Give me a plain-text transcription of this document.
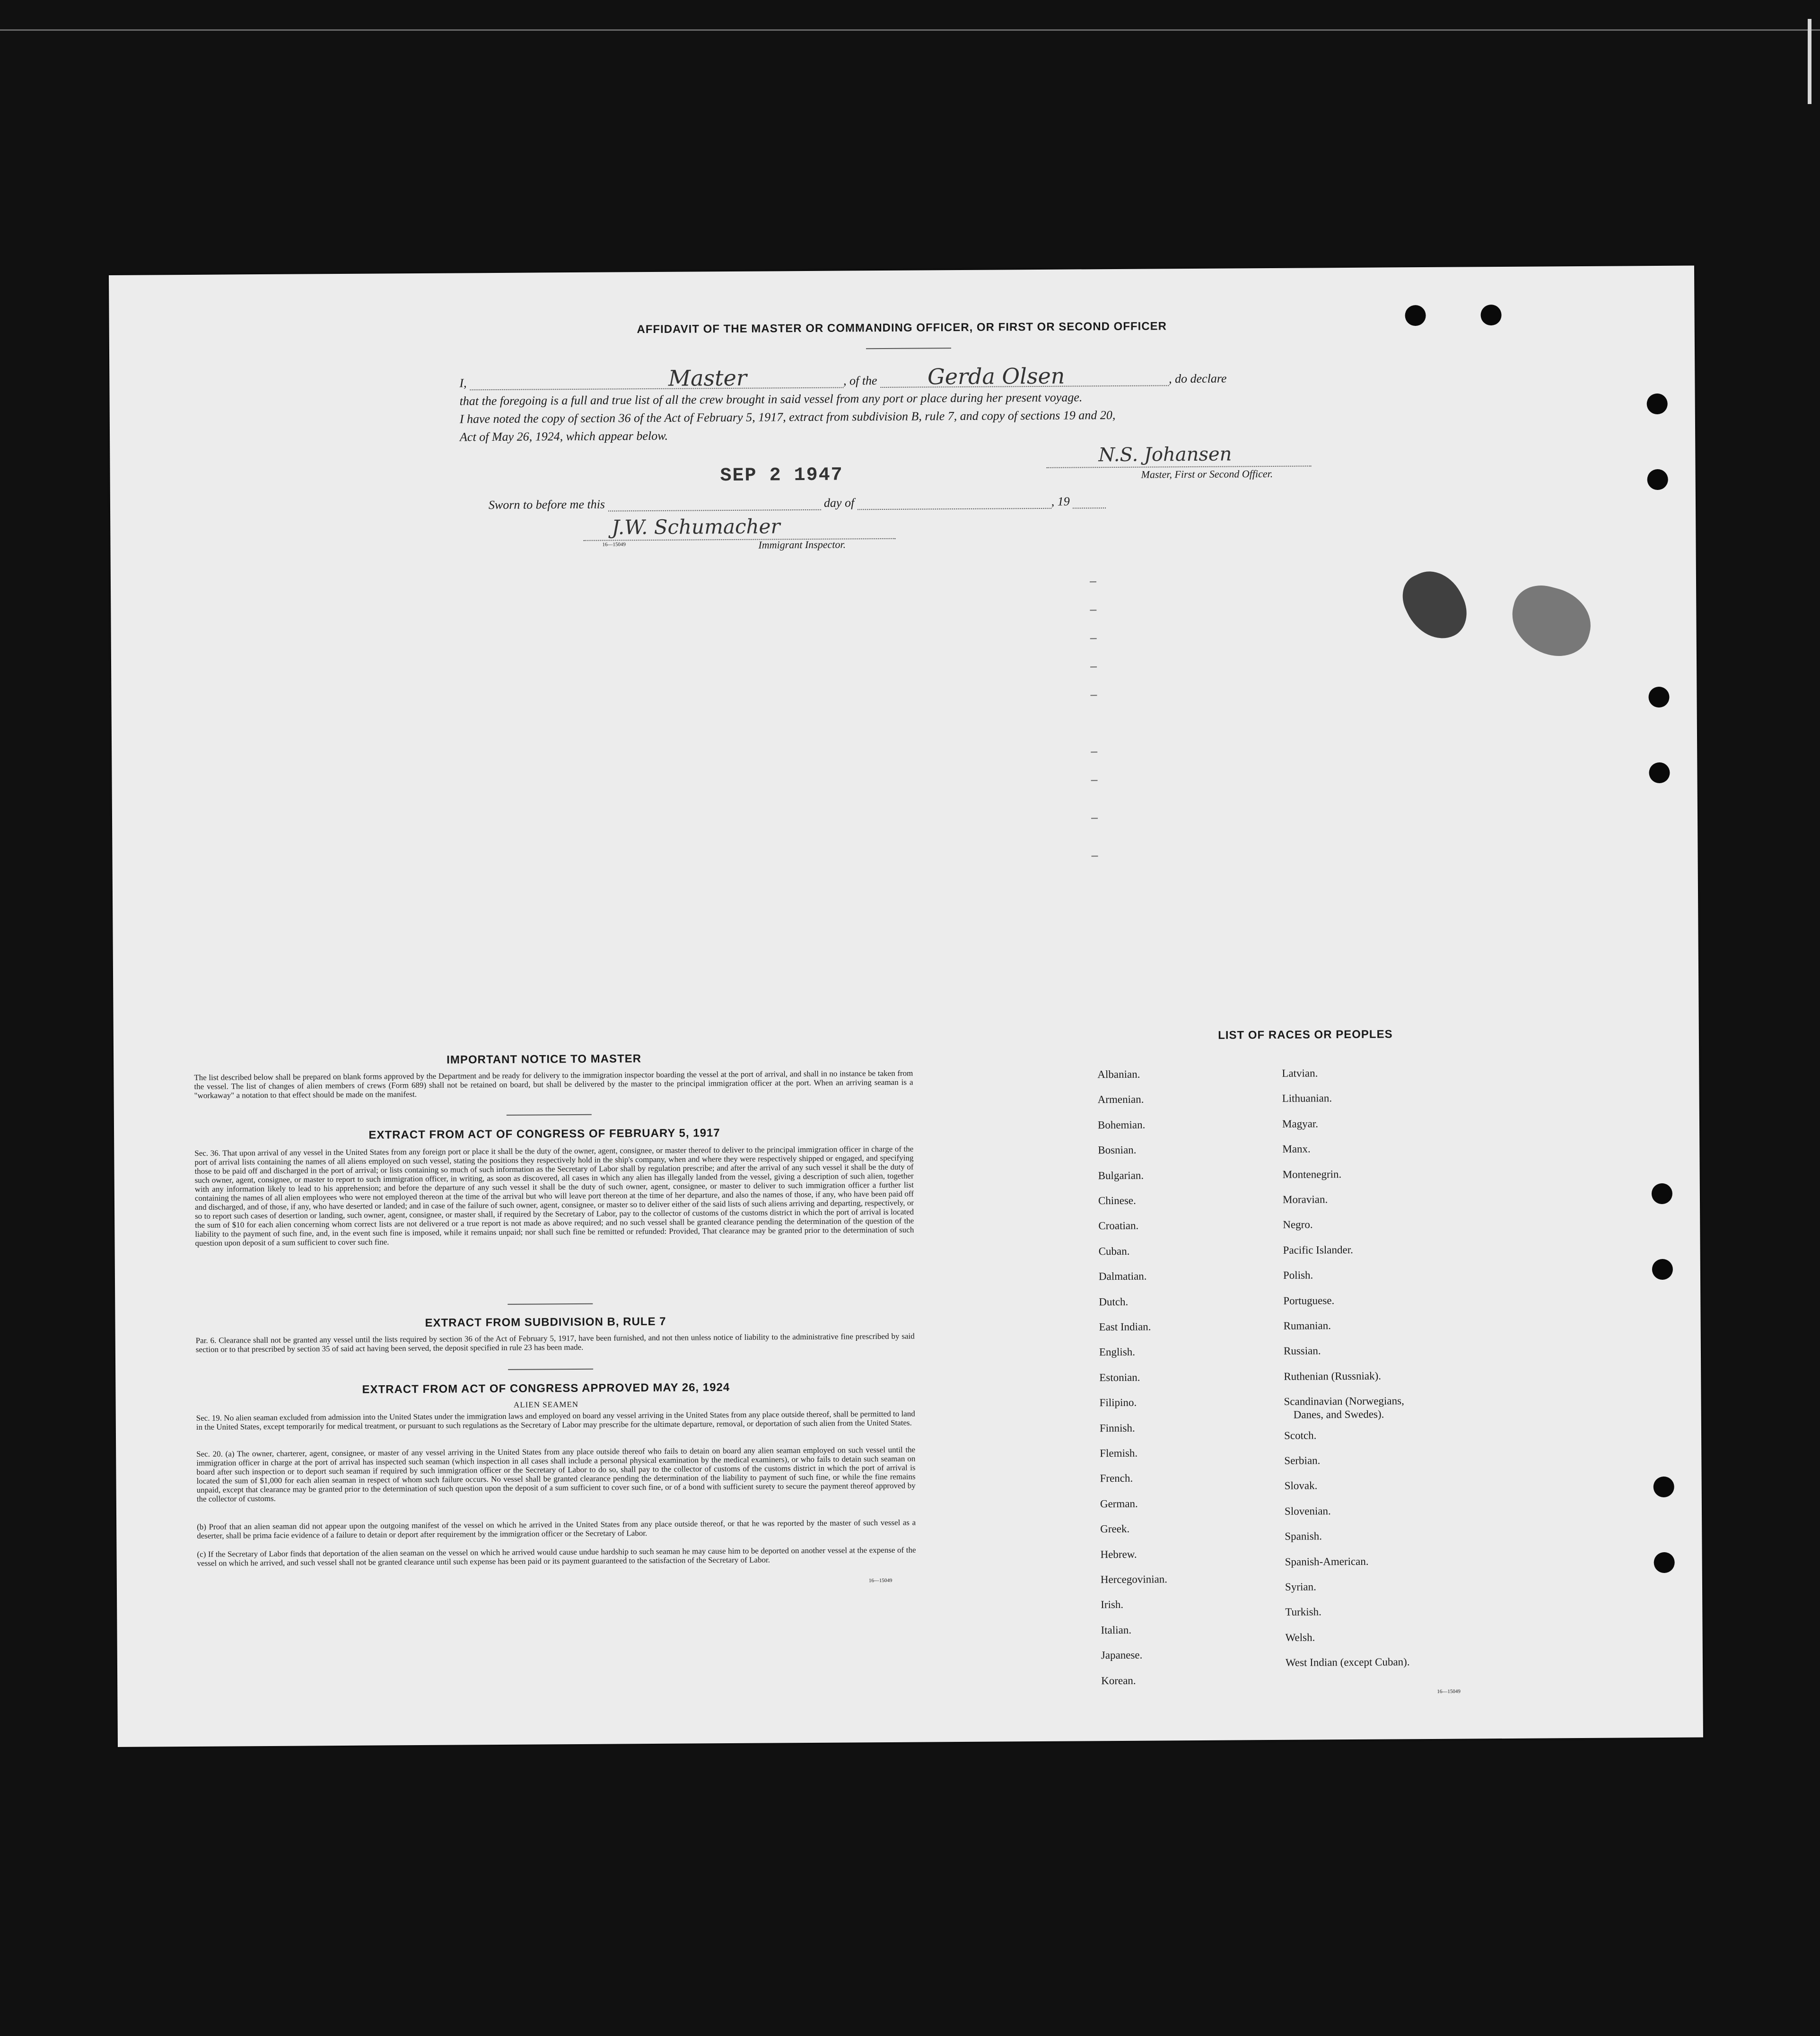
AFFIDAVIT OF THE MASTER OR COMMANDING OFFICER, OR FIRST OR SECOND OFFICER
I,	Master	, of the Gerda Olsen	, do declare
that the foregoing is a full and true list of all the crew brought in said vessel from any port or place during her present voyage.
I have noted the copy of section 36 of the Act of February 5, 1917, extract from subdivision B, rule 7, and copy of sections 19 and 20,
Act of May 26, 1924, which appear below.
SEP 2 1947
N.S. Johansen
Master, First or Second Officer.
Sworn to before me this	day of	, 19
J.W. Schumacher
16—15049	Immigrant Inspector.
IMPORTANT NOTICE TO MASTER
The list described below shall be prepared on blank forms approved by the Department and be ready for delivery to the immigration inspector boarding the vessel at the port of arrival, and shall in no instance be taken from the vessel. The list of changes of alien members of crews (Form 689) shall not be retained on board, but shall be delivered by the master to the principal immigration officer at the port. When an arriving seaman is a "workaway" a notation to that effect should be made on the manifest.
EXTRACT FROM ACT OF CONGRESS OF FEBRUARY 5, 1917
Sec. 36. That upon arrival of any vessel in the United States from any foreign port or place it shall be the duty of the owner, agent, consignee, or master thereof to deliver to the principal immigration officer in charge of the port of arrival lists containing the names of all aliens employed on such vessel, stating the positions they respectively hold in the ship's company, when and where they were respectively shipped or engaged, and specifying those to be paid off and discharged in the port of arrival; or lists containing so much of such information as the Secretary of Labor shall by regulation prescribe; and after the arrival of any such vessel it shall be the duty of such owner, agent, consignee, or master to report to such immigration officer, in writing, as soon as discovered, all cases in which any alien has illegally landed from the vessel, giving a description of such alien, together with any information likely to lead to his apprehension; and before the departure of any such vessel it shall be the duty of such owner, agent, consignee, or master to deliver to such immigration officer a further list containing the names of all alien employees who were not employed thereon at the time of the arrival but who will leave port thereon at the time of her departure, and also the names of those, if any, who have been paid off and discharged, and of those, if any, who have deserted or landed; and in case of the failure of such owner, agent, consignee, or master so to deliver either of the said lists of such aliens arriving and departing, respectively, or so to report such cases of desertion or landing, such owner, agent, consignee, or master shall, if required by the Secretary of Labor, pay to the collector of customs of the customs district in which the port of arrival is located the sum of $10 for each alien concerning whom correct lists are not delivered or a true report is not made as above required; and no such vessel shall be granted clearance pending the determination of the question of the liability to the payment of such fine, and, in the event such fine is imposed, while it remains unpaid; nor shall such fine be remitted or refunded: Provided, That clearance may be granted prior to the determination of such question upon deposit of a sum sufficient to cover such fine.
EXTRACT FROM SUBDIVISION B, RULE 7
Par. 6. Clearance shall not be granted any vessel until the lists required by section 36 of the Act of February 5, 1917, have been furnished, and not then unless notice of liability to the administrative fine prescribed by said section or to that prescribed by section 35 of said act having been served, the deposit specified in rule 23 has been made.
EXTRACT FROM ACT OF CONGRESS APPROVED MAY 26, 1924
ALIEN SEAMEN
Sec. 19. No alien seaman excluded from admission into the United States under the immigration laws and employed on board any vessel arriving in the United States from any place outside thereof, shall be permitted to land in the United States, except temporarily for medical treatment, or pursuant to such regulations as the Secretary of Labor may prescribe for the ultimate departure, removal, or deportation of such alien from the United States.
Sec. 20. (a) The owner, charterer, agent, consignee, or master of any vessel arriving in the United States from any place outside thereof who fails to detain on board any alien seaman employed on such vessel until the immigration officer in charge at the port of arrival has inspected such seaman (which inspection in all cases shall include a personal physical examination by the medical examiners), or who fails to detain such seaman on board after such inspection or to deport such seaman if required by such immigration officer or the Secretary of Labor to do so, shall pay to the collector of customs of the customs district in which the port of arrival is located the sum of $1,000 for each alien seaman in respect of whom such failure occurs. No vessel shall be granted clearance pending the determination of the liability to payment of such fine, or while the fine remains unpaid, except that clearance may be granted prior to the determination of such question upon the deposit of a sum sufficient to cover such fine, or of a bond with sufficient surety to secure the payment thereof approved by the collector of customs.
(b) Proof that an alien seaman did not appear upon the outgoing manifest of the vessel on which he arrived in the United States from any place outside thereof, or that he was reported by the master of such vessel as a deserter, shall be prima facie evidence of a failure to detain or deport after requirement by the immigration officer or the Secretary of Labor.
(c) If the Secretary of Labor finds that deportation of the alien seaman on the vessel on which he arrived would cause undue hardship to such seaman he may cause him to be deported on another vessel at the expense of the vessel on which he arrived, and such vessel shall not be granted clearance until such expense has been paid or its payment guaranteed to the satisfaction of the Secretary of Labor.
16—15049
LIST OF RACES OR PEOPLES
Albanian.
Armenian.
Bohemian.
Bosnian.
Bulgarian.
Chinese.
Croatian.
Cuban.
Dalmatian.
Dutch.
East Indian.
English.
Estonian.
Filipino.
Finnish.
Flemish.
French.
German.
Greek.
Hebrew.
Hercegovinian.
Irish.
Italian.
Japanese.
Korean.
Latvian.
Lithuanian.
Magyar.
Manx.
Montenegrin.
Moravian.
Negro.
Pacific Islander.
Polish.
Portuguese.
Rumanian.
Russian.
Ruthenian (Russniak).
Scandinavian (Norwegians,
Danes, and Swedes).
Scotch.
Serbian.
Slovak.
Slovenian.
Spanish.
Spanish-American.
Syrian.
Turkish.
Welsh.
West Indian (except Cuban).
16—15049
